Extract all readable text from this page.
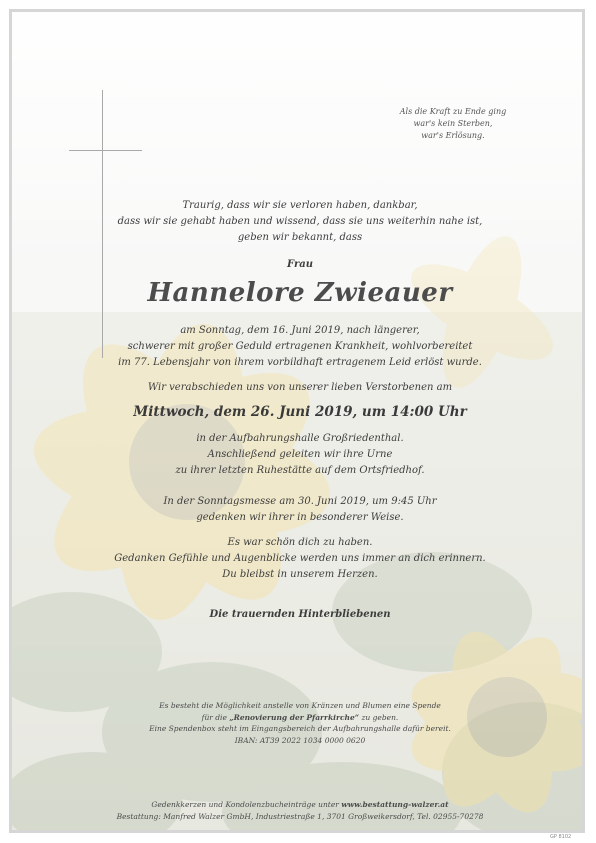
Als die Kraft zu Ende ging
war's kein Sterben,
war's Erlösung.
Traurig, dass wir sie verloren haben, dankbar,
dass wir sie gehabt haben und wissend, dass sie uns weiterhin nahe ist,
geben wir bekannt, dass
Frau
Hannelore Zwieauer
am Sonntag, dem 16. Juni 2019, nach längerer,
schwerer mit großer Geduld ertragenen Krankheit, wohlvorbereitet
im 77. Lebensjahr von ihrem vorbildhaft ertragenem Leid erlöst wurde.
Wir verabschieden uns von unserer lieben Verstorbenen am
Mittwoch, dem 26. Juni 2019, um 14:00 Uhr
in der Aufbahrungshalle Großriedenthal.
Anschließend geleiten wir ihre Urne
zu ihrer letzten Ruhestätte auf dem Ortsfriedhof.
In der Sonntagsmesse am 30. Juni 2019, um 9:45 Uhr
gedenken wir ihrer in besonderer Weise.
Es war schön dich zu haben.
Gedanken Gefühle und Augenblicke werden uns immer an dich erinnern.
Du bleibst in unserem Herzen.
Die trauernden Hinterbliebenen
Es besteht die Möglichkeit anstelle von Kränzen und Blumen eine Spende
für die „Renovierung der Pfarrkirche“ zu geben.
Eine Spendenbox steht im Eingangsbereich der Aufbahrungshalle dafür bereit.
IBAN: AT39 2022 1034 0000 0620
Gedenkkerzen und Kondolenzbucheinträge unter www.bestattung-walzer.at
Bestattung: Manfred Walzer GmbH, Industriestraße 1, 3701 Großweikersdorf, Tel. 02955-70278
GP 8102
